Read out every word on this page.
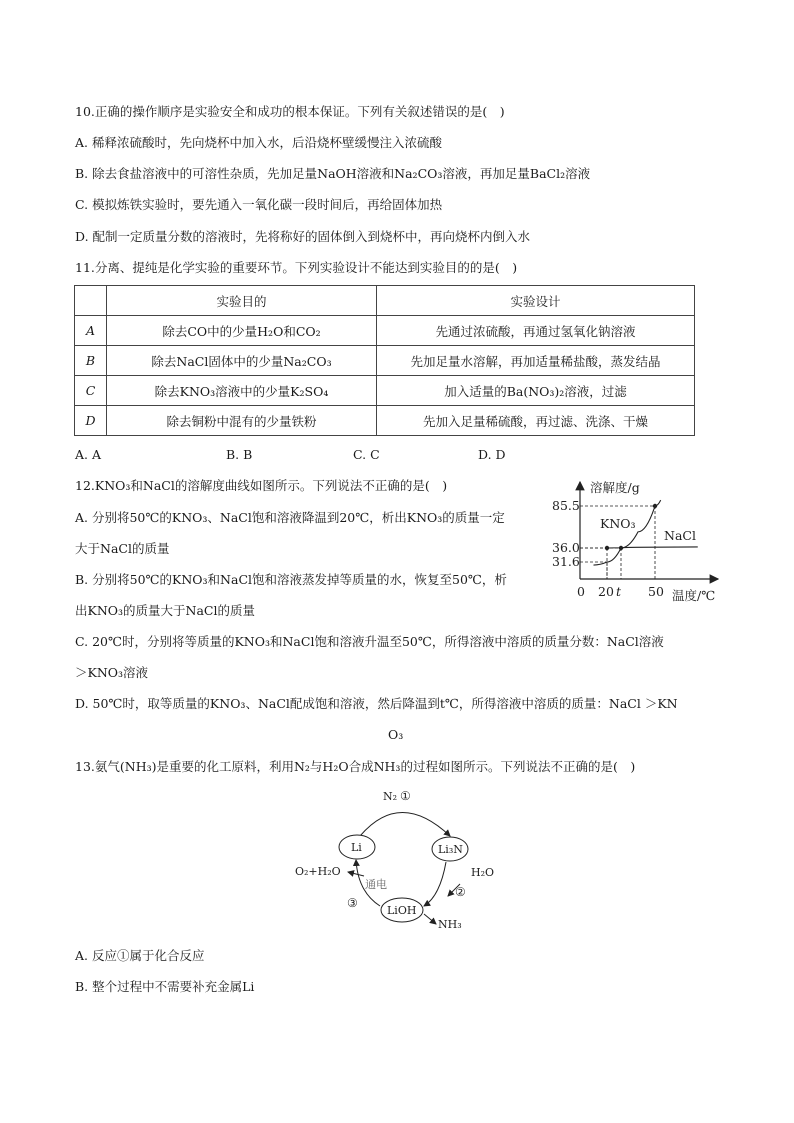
10.正确的操作顺序是实验安全和成功的根本保证。下列有关叙述错误的是(　)
A. 稀释浓硫酸时，先向烧杯中加入水，后沿烧杯壁缓慢注入浓硫酸
B. 除去食盐溶液中的可溶性杂质，先加足量NaOH溶液和Na₂CO₃溶液，再加足量BaCl₂溶液
C. 模拟炼铁实验时，要先通入一氧化碳一段时间后，再给固体加热
D. 配制一定质量分数的溶液时，先将称好的固体倒入到烧杯中，再向烧杯内倒入水
11.分离、提纯是化学实验的重要环节。下列实验设计不能达到实验目的的是(　)
	实验目的	实验设计
A	除去CO中的少量H₂O和CO₂	先通过浓硫酸，再通过氢氧化钠溶液
B	除去NaCl固体中的少量Na₂CO₃	先加足量水溶解，再加适量稀盐酸，蒸发结晶
C	除去KNO₃溶液中的少量K₂SO₄	加入适量的Ba(NO₃)₂溶液，过滤
D	除去铜粉中混有的少量铁粉	先加入足量稀硫酸，再过滤、洗涤、干燥
A. A	B. B	C. C	D. D
12.KNO₃和NaCl的溶解度曲线如图所示。下列说法不正确的是(　)
A. 分别将50℃的KNO₃、NaCl饱和溶液降温到20℃，析出KNO₃的质量一定
大于NaCl的质量
B. 分别将50℃的KNO₃和NaCl饱和溶液蒸发掉等质量的水，恢复至50℃，析
出KNO₃的质量大于NaCl的质量
C. 20℃时，分别将等质量的KNO₃和NaCl饱和溶液升温至50℃，所得溶液中溶质的质量分数：NaCl溶液
＞KNO₃溶液
D. 50℃时，取等质量的KNO₃、NaCl配成饱和溶液，然后降温到t℃，所得溶液中溶质的质量：NaCl ＞KN
O₃
溶解度/g
温度/℃
85.5
36.0
31.6
0 20 t 50
KNO₃
NaCl
13.氨气(NH₃)是重要的化工原料，利用N₂与H₂O合成NH₃的过程如图所示。下列说法不正确的是(　)
Li	Li₃N
LiOH
N₂ ①
H₂O
②
NH₃
O₂+H₂O
通电
③
A. 反应①属于化合反应
B. 整个过程中不需要补充金属Li
